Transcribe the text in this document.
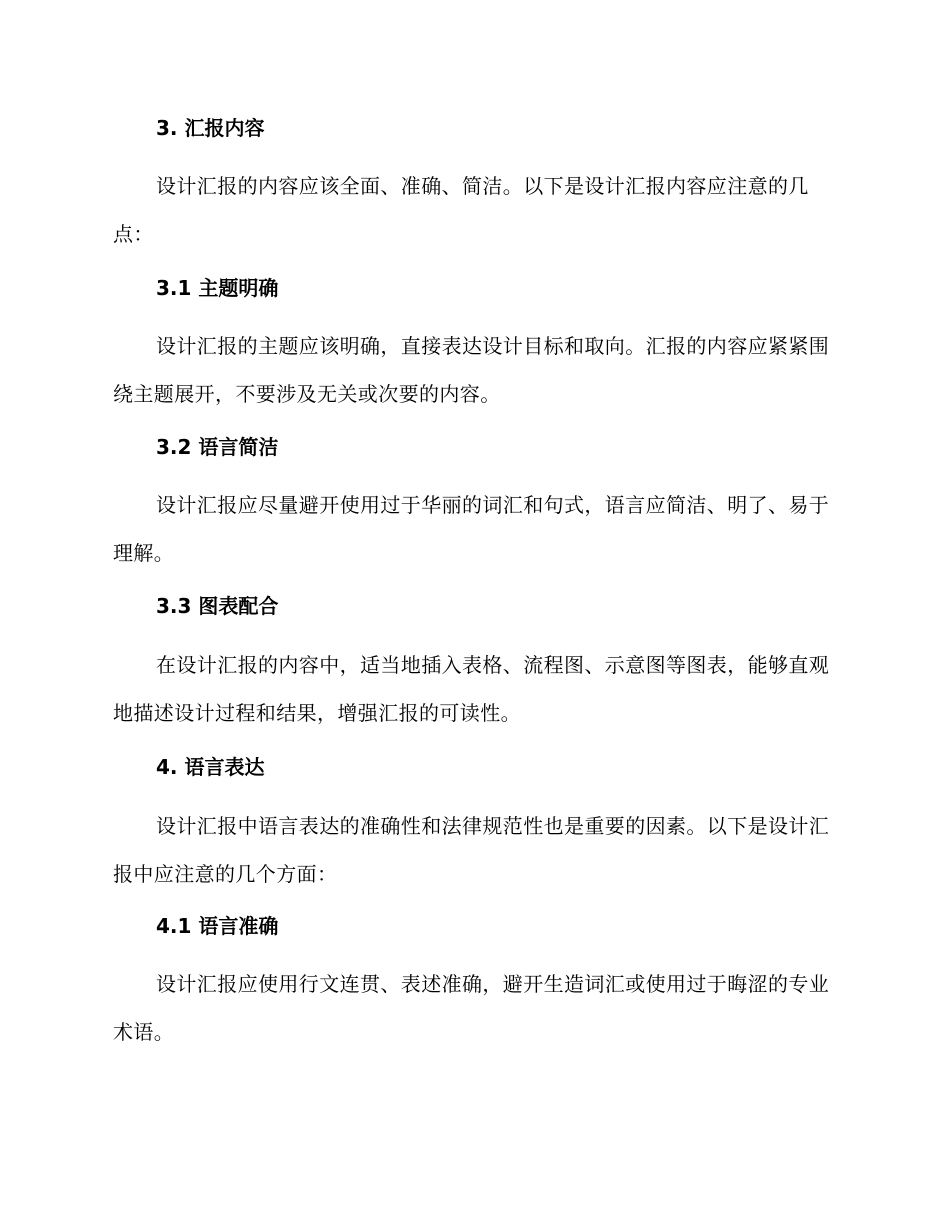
3. 汇报内容
设计汇报的内容应该全面、准确、简洁。以下是设计汇报内容应注意的几点：
3.1 主题明确
设计汇报的主题应该明确，直接表达设计目标和取向。汇报的内容应紧紧围绕主题展开，不要涉及无关或次要的内容。
3.2 语言简洁
设计汇报应尽量避开使用过于华丽的词汇和句式，语言应简洁、明了、易于理解。
3.3 图表配合
在设计汇报的内容中，适当地插入表格、流程图、示意图等图表，能够直观地描述设计过程和结果，增强汇报的可读性。
4. 语言表达
设计汇报中语言表达的准确性和法律规范性也是重要的因素。以下是设计汇报中应注意的几个方面：
4.1 语言准确
设计汇报应使用行文连贯、表述准确，避开生造词汇或使用过于晦涩的专业术语。
